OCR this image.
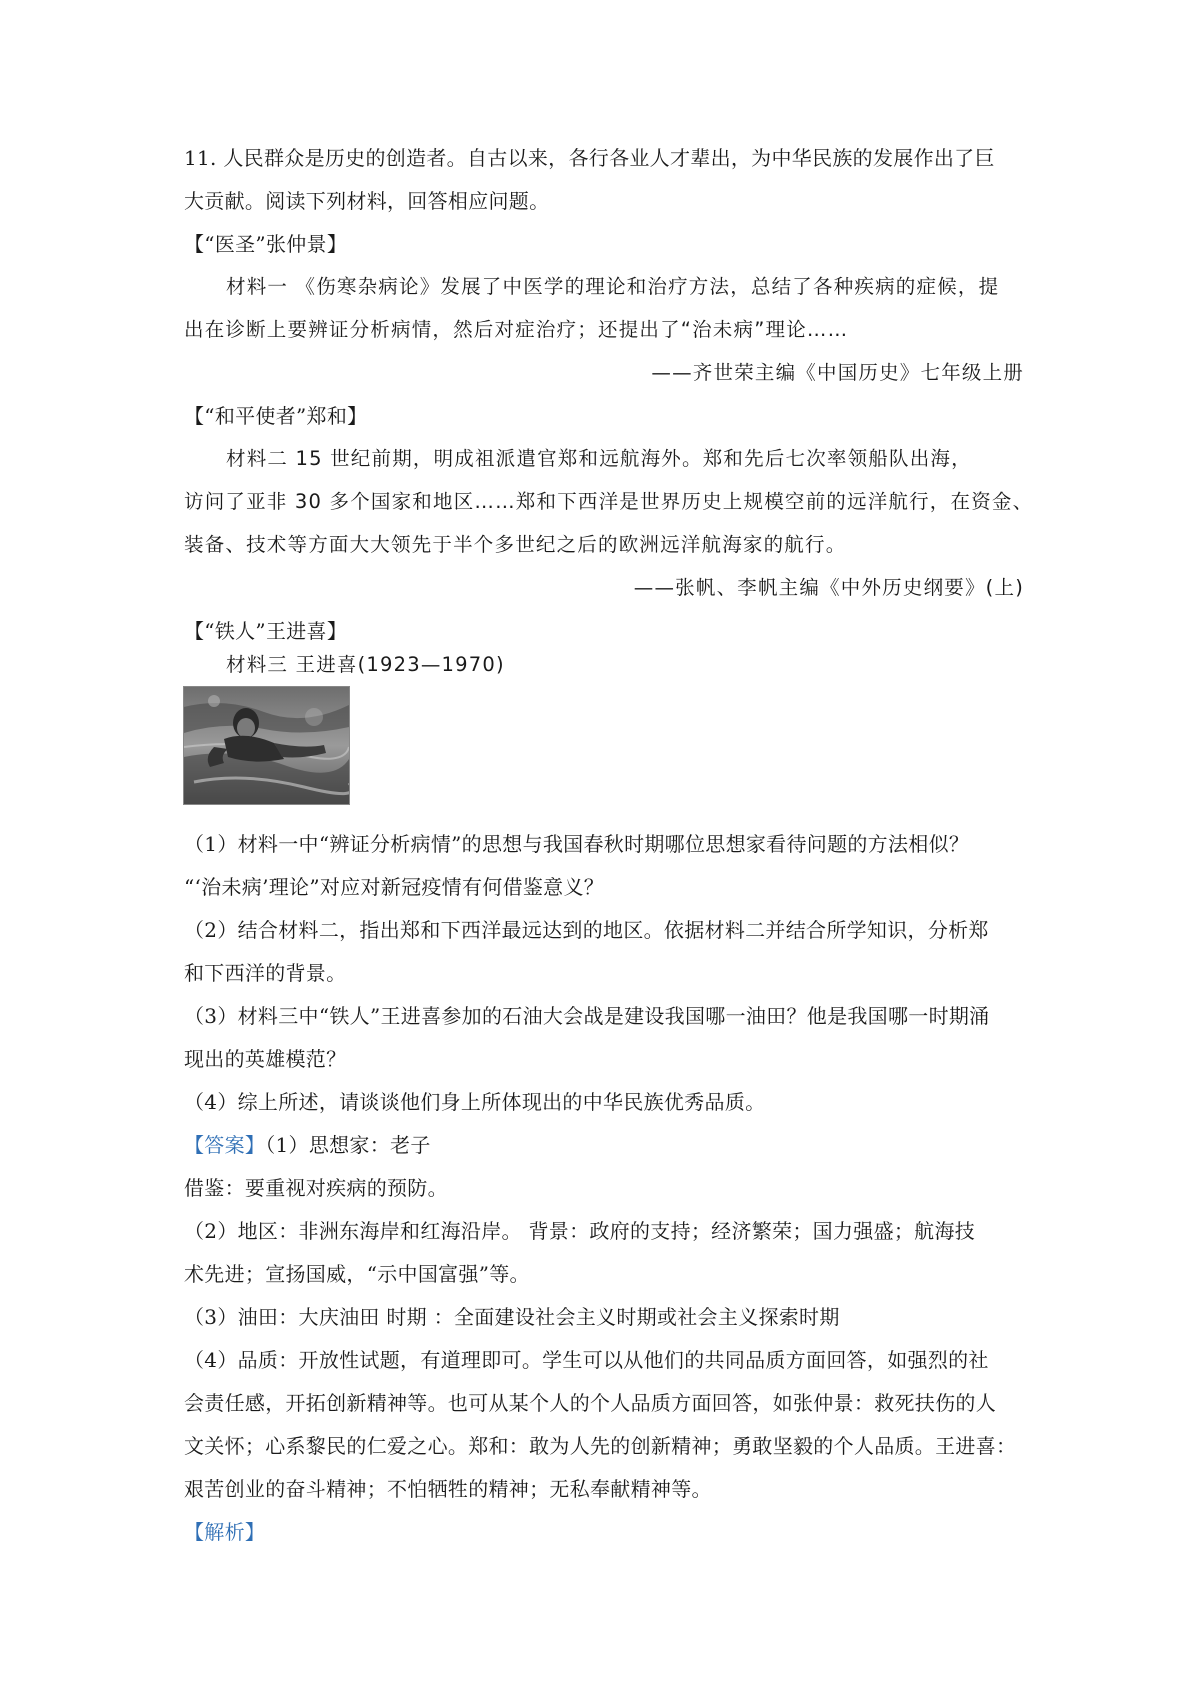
11. 人民群众是历史的创造者。自古以来，各行各业人才辈出，为中华民族的发展作出了巨
大贡献。阅读下列材料，回答相应问题。
【“医圣”张仲景】
材料一 《伤寒杂病论》发展了中医学的理论和治疗方法，总结了各种疾病的症候，提
出在诊断上要辨证分析病情，然后对症治疗；还提出了“治未病”理论……
——齐世荣主编《中国历史》七年级上册
【“和平使者”郑和】
材料二 15 世纪前期，明成祖派遣官郑和远航海外。郑和先后七次率领船队出海，
访问了亚非 30 多个国家和地区……郑和下西洋是世界历史上规模空前的远洋航行，在资金、
装备、技术等方面大大领先于半个多世纪之后的欧洲远洋航海家的航行。
——张帆、李帆主编《中外历史纲要》(上)
【“铁人”王进喜】
材料三 王进喜(1923—1970)
（1）材料一中“辨证分析病情”的思想与我国春秋时期哪位思想家看待问题的方法相似？
“‘治未病’理论”对应对新冠疫情有何借鉴意义？
（2）结合材料二，指出郑和下西洋最远达到的地区。依据材料二并结合所学知识，分析郑
和下西洋的背景。
（3）材料三中“铁人”王进喜参加的石油大会战是建设我国哪一油田？他是我国哪一时期涌
现出的英雄模范？
（4）综上所述，请谈谈他们身上所体现出的中华民族优秀品质。
【答案】（1）思想家：老子
借鉴：要重视对疾病的预防。
（2）地区：非洲东海岸和红海沿岸。 背景：政府的支持；经济繁荣；国力强盛；航海技
术先进；宣扬国威，“示中国富强”等。
（3）油田：大庆油田 时期 ：全面建设社会主义时期或社会主义探索时期
（4）品质：开放性试题，有道理即可。学生可以从他们的共同品质方面回答，如强烈的社
会责任感，开拓创新精神等。也可从某个人的个人品质方面回答，如张仲景：救死扶伤的人
文关怀；心系黎民的仁爱之心。郑和：敢为人先的创新精神；勇敢坚毅的个人品质。王进喜：
艰苦创业的奋斗精神；不怕牺牲的精神；无私奉献精神等。
【解析】
